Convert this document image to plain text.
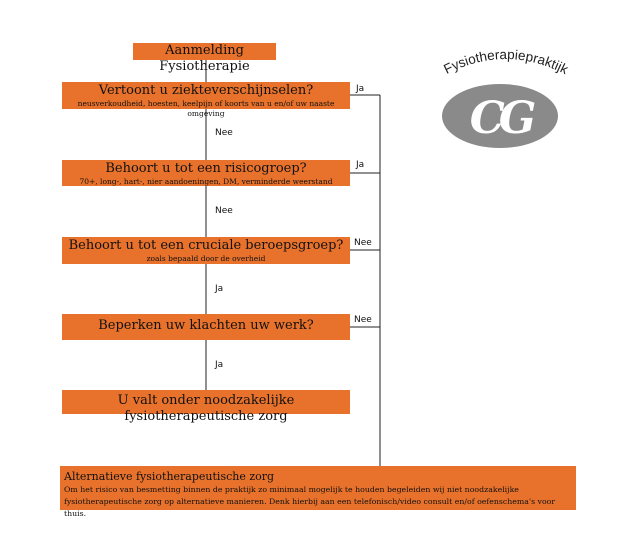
Aanmelding Fysiotherapie
Vertoont u ziekteverschijnselen?
neusverkoudheid, hoesten, keelpijn of koorts van u en/of uw naaste omgeving
Ja
Nee
Behoort u tot een risicogroep?
70+, long-, hart-, nier aandoeningen, DM, verminderde weerstand
Ja
Nee
Behoort u tot een cruciale beroepsgroep?
zoals bepaald door de overheid
Nee
Ja
Beperken uw klachten uw werk?	Nee
Ja
U valt onder noodzakelijke fysiotherapeutische zorg
Alternatieve fysiotherapeutische zorg
Om het risico van besmetting binnen de praktijk zo minimaal mogelijk te houden begeleiden wij niet noodzakelijke
fysiotherapeutische zorg op alternatieve manieren. Denk hierbij aan een telefonisch/video consult en/of oefenschema's voor thuis.
Fysiotherapiepraktijk
CG
